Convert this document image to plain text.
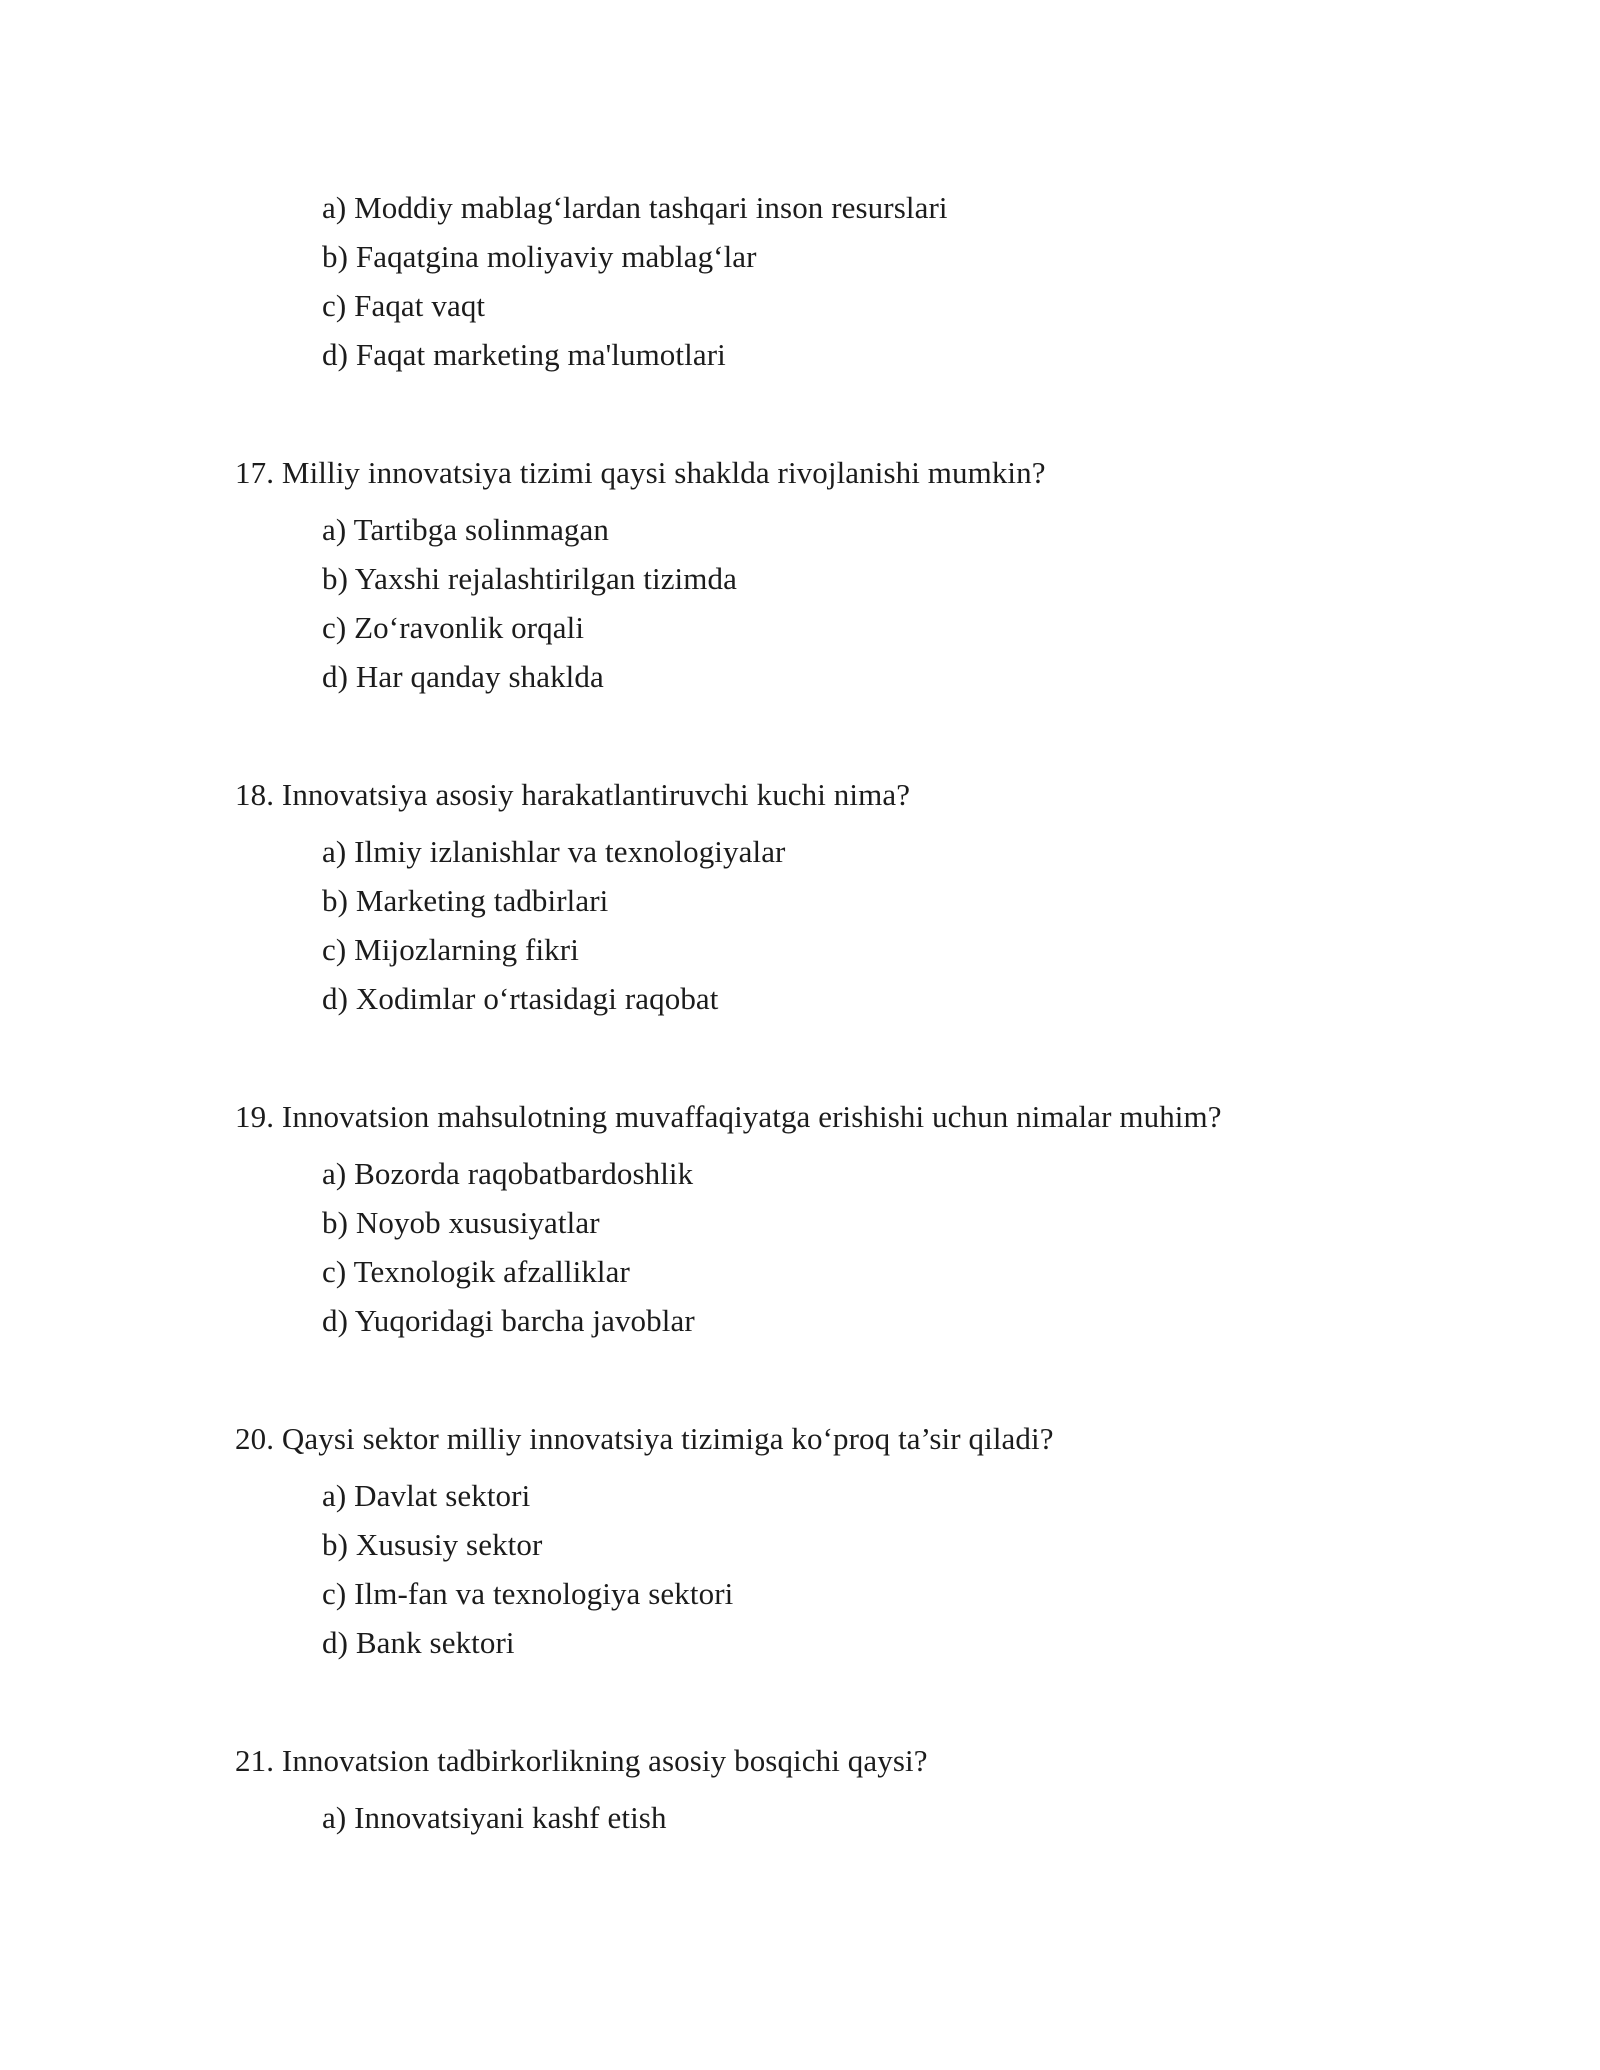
a) Moddiy mablag‘lardan tashqari inson resurslari
b) Faqatgina moliyaviy mablag‘lar
c) Faqat vaqt
d) Faqat marketing ma'lumotlari
17. Milliy innovatsiya tizimi qaysi shaklda rivojlanishi mumkin?
a) Tartibga solinmagan
b) Yaxshi rejalashtirilgan tizimda
c) Zo‘ravonlik orqali
d) Har qanday shaklda
18. Innovatsiya asosiy harakatlantiruvchi kuchi nima?
a) Ilmiy izlanishlar va texnologiyalar
b) Marketing tadbirlari
c) Mijozlarning fikri
d) Xodimlar o‘rtasidagi raqobat
19. Innovatsion mahsulotning muvaffaqiyatga erishishi uchun nimalar muhim?
a) Bozorda raqobatbardoshlik
b) Noyob xususiyatlar
c) Texnologik afzalliklar
d) Yuqoridagi barcha javoblar
20. Qaysi sektor milliy innovatsiya tizimiga ko‘proq ta’sir qiladi?
a) Davlat sektori
b) Xususiy sektor
c) Ilm-fan va texnologiya sektori
d) Bank sektori
21. Innovatsion tadbirkorlikning asosiy bosqichi qaysi?
a) Innovatsiyani kashf etish
